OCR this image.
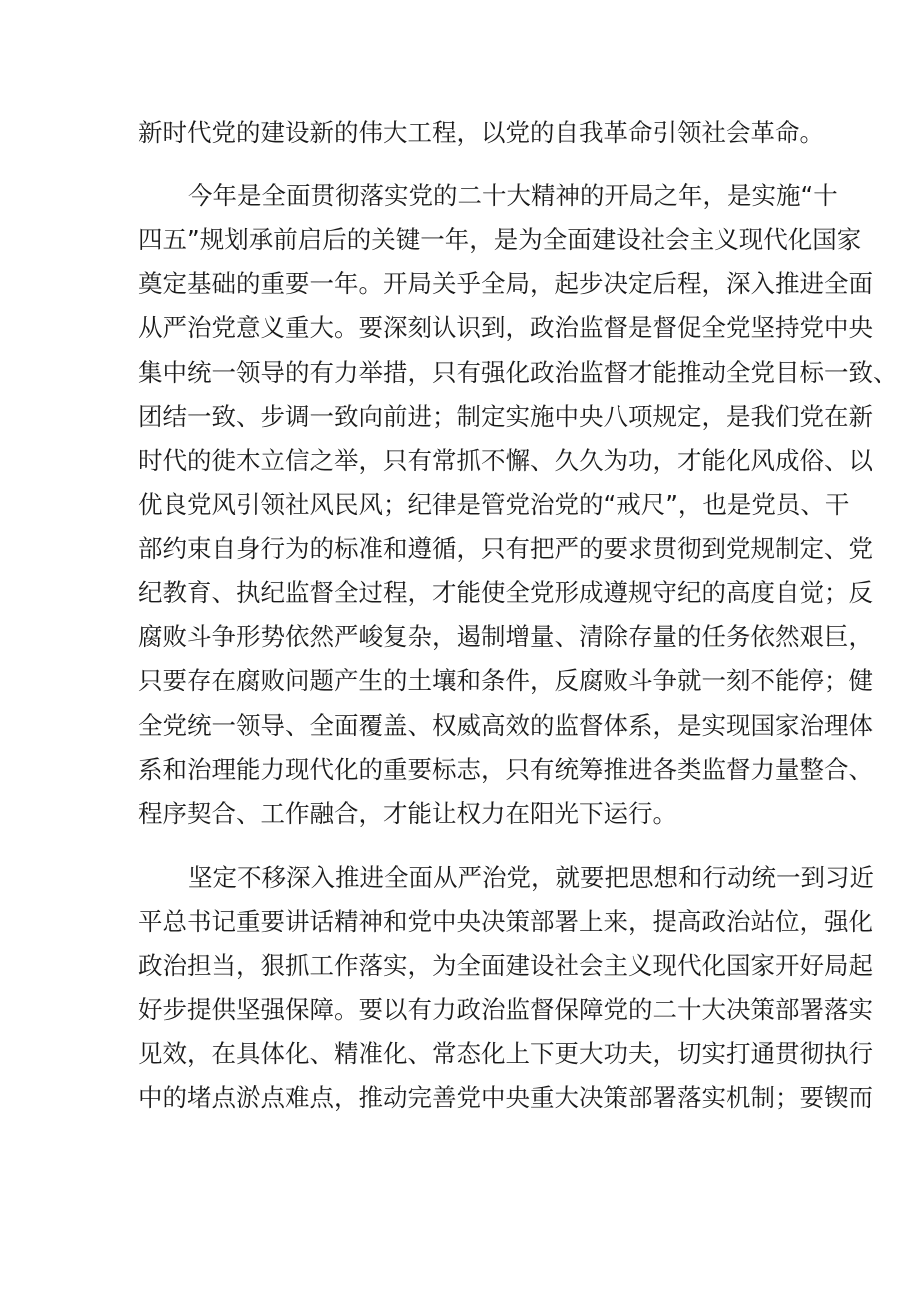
新时代党的建设新的伟大工程，以党的自我革命引领社会革命。
今年是全面贯彻落实党的二十大精神的开局之年，是实施“十
四五”规划承前启后的关键一年，是为全面建设社会主义现代化国家
奠定基础的重要一年。开局关乎全局，起步决定后程，深入推进全面
从严治党意义重大。要深刻认识到，政治监督是督促全党坚持党中央
集中统一领导的有力举措，只有强化政治监督才能推动全党目标一致、
团结一致、步调一致向前进；制定实施中央八项规定，是我们党在新
时代的徙木立信之举，只有常抓不懈、久久为功，才能化风成俗、以
优良党风引领社风民风；纪律是管党治党的“戒尺”，也是党员、干
部约束自身行为的标准和遵循，只有把严的要求贯彻到党规制定、党
纪教育、执纪监督全过程，才能使全党形成遵规守纪的高度自觉；反
腐败斗争形势依然严峻复杂，遏制增量、清除存量的任务依然艰巨，
只要存在腐败问题产生的土壤和条件，反腐败斗争就一刻不能停；健
全党统一领导、全面覆盖、权威高效的监督体系，是实现国家治理体
系和治理能力现代化的重要标志，只有统筹推进各类监督力量整合、
程序契合、工作融合，才能让权力在阳光下运行。
坚定不移深入推进全面从严治党，就要把思想和行动统一到习近
平总书记重要讲话精神和党中央决策部署上来，提高政治站位，强化
政治担当，狠抓工作落实，为全面建设社会主义现代化国家开好局起
好步提供坚强保障。要以有力政治监督保障党的二十大决策部署落实
见效，在具体化、精准化、常态化上下更大功夫，切实打通贯彻执行
中的堵点淤点难点，推动完善党中央重大决策部署落实机制；要锲而
